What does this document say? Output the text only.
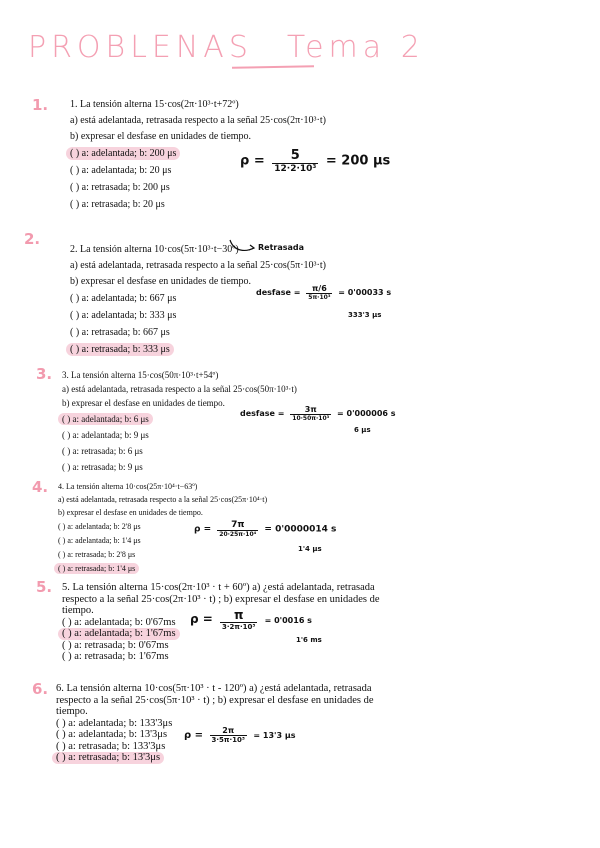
PROBLENAS Tema 2
1. 1. La tensión alterna 15·cos(2π·10³·t+72º)
a) está adelantada, retrasada respecto a la señal 25·cos(2π·10³·t)
b) expresar el desfase en unidades de tiempo.
( ) a: adelantada; b: 200 μs
( ) a: adelantada; b: 20 μs
( ) a: retrasada; b: 200 μs
( ) a: retrasada; b: 20 μs
$\rho = \frac{5}{\text{12·2·10³}} = 200$ μs
2.
2. La tensión alterna 10·cos(5π·10³·t−30º)
a) está adelantada, retrasada respecto a la señal 25·cos(5π·10³·t)
b) expresar el desfase en unidades de tiempo.
( ) a: adelantada; b: 667 μs
( ) a: adelantada; b: 333 μs
( ) a: retrasada; b: 667 μs
( ) a: retrasada; b: 333 μs
Retrasada
desfase = $\frac{\pi/6}{\text{5π·10³}} = 0'00033$ s
333'3 μs
3. 3. La tensión alterna 15·cos(50π·10³·t+54º)
a) está adelantada, retrasada respecto a la señal 25·cos(50π·10³·t)
b) expresar el desfase en unidades de tiempo.
( ) a: adelantada; b: 6 μs
( ) a: adelantada; b: 9 μs
( ) a: retrasada; b: 6 μs
( ) a: retrasada; b: 9 μs
desfase = $\frac{3\pi}{\text{10·50π·10³}} = 0'000006$ s
6 μs
4. 4. La tensión alterna 10·cos(25π·10⁴·t−63º)
a) está adelantada, retrasada respecto a la señal 25·cos(25π·10⁴·t)
b) expresar el desfase en unidades de tiempo.
( ) a: adelantada; b: 2'8 μs
( ) a: adelantada; b: 1'4 μs
( ) a: retrasada; b: 2'8 μs
( ) a: retrasada; b: 1'4 μs
$\rho = \frac{7\pi}{\text{20·25π·10⁴}} = 0'0000014$ s
1'4 μs
5. 5. La tensión alterna 15·cos(2π·10³ · t + 60º) a) ¿está adelantada, retrasada
respecto a la señal 25·cos(2π·10³ · t) ; b) expresar el desfase en unidades de
tiempo.
( ) a: adelantada; b: 0'67ms
( ) a: adelantada; b: 1'67ms
( ) a: retrasada; b: 0'67ms
( ) a: retrasada; b: 1'67ms
$\rho = \frac{\pi}{\text{3·2π·10³}} = 0'0016$ s
1'6 ms
6. 6. La tensión alterna 10·cos(5π·10³ · t - 120º) a) ¿está adelantada, retrasada
respecto a la señal 25·cos(5π·10³ · t) ; b) expresar el desfase en unidades de
tiempo.
( ) a: adelantada; b: 133'3μs
( ) a: adelantada; b: 13'3μs
( ) a: retrasada; b: 133'3μs
( ) a: retrasada; b: 13'3μs
$\rho = \frac{2\pi}{\text{3·5π·10³}} = 13'3$ μs
